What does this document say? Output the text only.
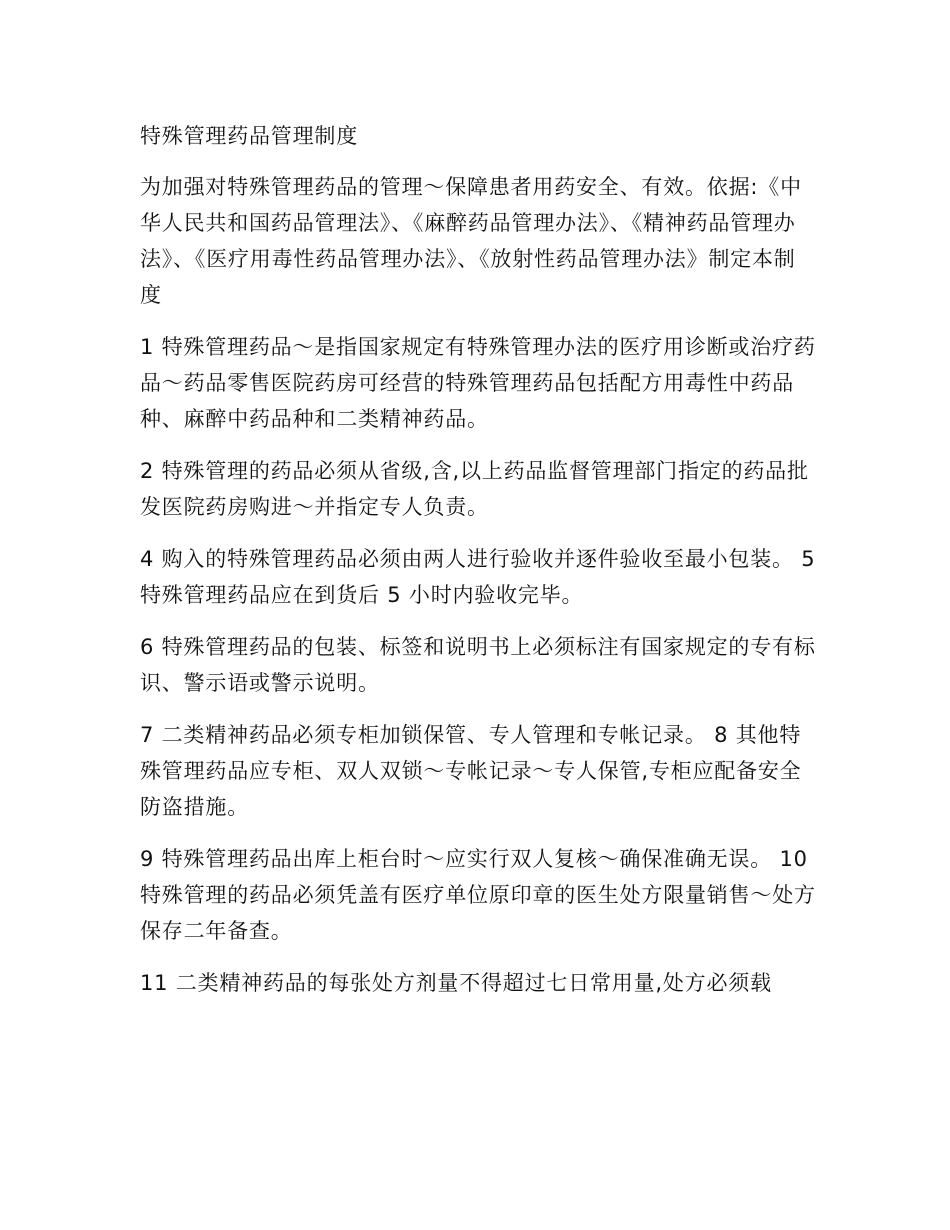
特殊管理药品管理制度

为加强对特殊管理药品的管理～保障患者用药安全、有效。依据:《中华人民共和国药品管理法》、《麻醉药品管理办法》、《精神药品管理办法》、《医疗用毒性药品管理办法》、《放射性药品管理办法》制定本制度

1 特殊管理药品～是指国家规定有特殊管理办法的医疗用诊断或治疗药品～药品零售医院药房可经营的特殊管理药品包括配方用毒性中药品种、麻醉中药品种和二类精神药品。

2 特殊管理的药品必须从省级,含,以上药品监督管理部门指定的药品批发医院药房购进～并指定专人负责。

4 购入的特殊管理药品必须由两人进行验收并逐件验收至最小包装。 5 特殊管理药品应在到货后 5 小时内验收完毕。

6 特殊管理药品的包装、标签和说明书上必须标注有国家规定的专有标识、警示语或警示说明。

7 二类精神药品必须专柜加锁保管、专人管理和专帐记录。 8 其他特殊管理药品应专柜、双人双锁～专帐记录～专人保管,专柜应配备安全防盗措施。

9 特殊管理药品出库上柜台时～应实行双人复核～确保准确无误。 10 特殊管理的药品必须凭盖有医疗单位原印章的医生处方限量销售～处方保存二年备查。

11 二类精神药品的每张处方剂量不得超过七日常用量,处方必须载
